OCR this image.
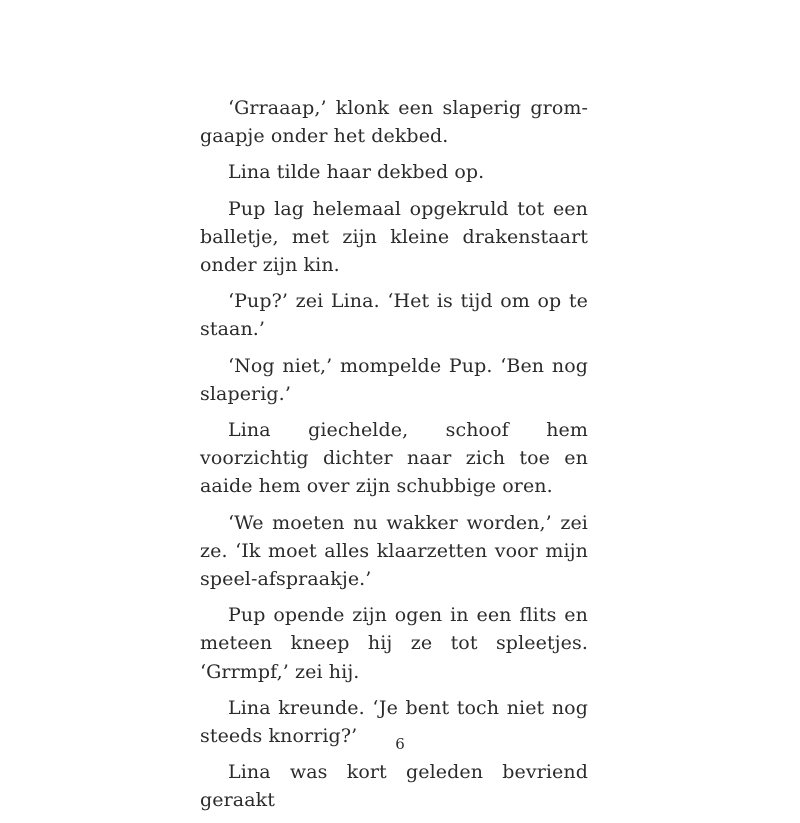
‘Grraaap,’ klonk een slaperig grom-gaapje onder het dekbed.

Lina tilde haar dekbed op.

Pup lag helemaal opgekruld tot een balletje, met zijn kleine drakenstaart onder zijn kin.

‘Pup?’ zei Lina. ‘Het is tijd om op te staan.’

‘Nog niet,’ mompelde Pup. ‘Ben nog slaperig.’

Lina giechelde, schoof hem voorzichtig dichter naar zich toe en aaide hem over zijn schubbige oren.

‘We moeten nu wakker worden,’ zei ze. ‘Ik moet alles klaarzetten voor mijn speel-afspraakje.’

Pup opende zijn ogen in een flits en meteen kneep hij ze tot spleetjes. ‘Grrmpf,’ zei hij.

Lina kreunde. ‘Je bent toch niet nog steeds knorrig?’

Lina was kort geleden bevriend geraakt

6
